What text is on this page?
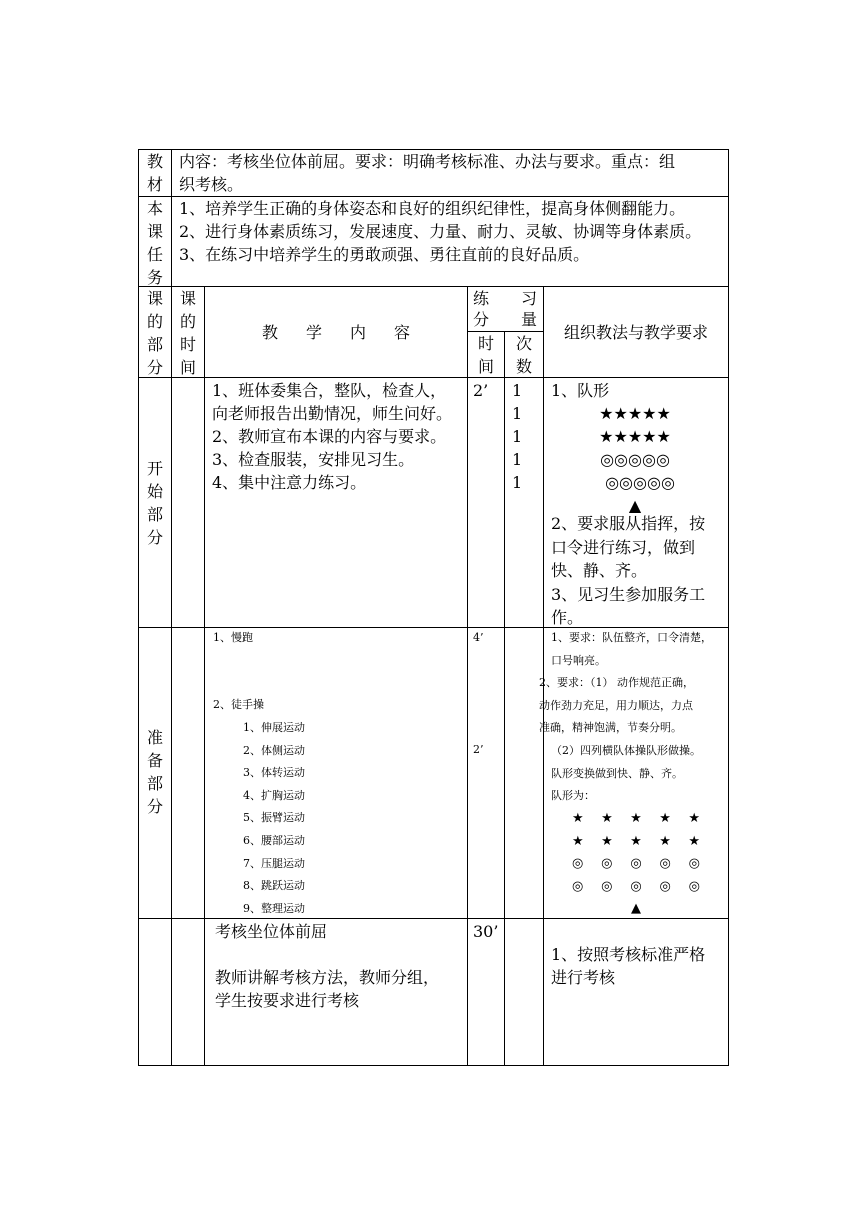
教
材
内容：考核坐位体前屈。要求：明确考核标准、办法与要求。重点：组
织考核。
本
课
任
务
1、培养学生正确的身体姿态和良好的组织纪律性，提高身体侧翻能力。
2、进行身体素质练习，发展速度、力量、耐力、灵敏、协调等身体素质。
3、在练习中培养学生的勇敢顽强、勇往直前的良好品质。
课
的
部
分
课
的
时
间
教 学 内 容
练 习
分 量
时
间
次
数
组织教法与教学要求
开
始
部
分
1、班体委集合，整队，检查人，
向老师报告出勤情况，师生问好。
2、教师宣布本课的内容与要求。
3、检查服装，安排见习生。
4、集中注意力练习。
2’ 1
1
1
1
1
1、队形
★★★★★
★★★★★
◎◎◎◎◎
◎◎◎◎◎
▲
2、要求服从指挥，按
口令进行练习，做到
快、静、齐。
3、见习生参加服务工
作。
准
备
部
分
1、慢跑
2、徒手操
1、伸展运动
2、体侧运动
3、体转运动
4、扩胸运动
5、振臂运动
6、腰部运动
7、压腿运动
8、跳跃运动
9、整理运动
4’
2’
1、要求：队伍整齐，口令清楚，
口号响亮。
2、要求：（1） 动作规范正确，
动作劲力充足，用力顺达，力点
准确，精神饱满，节奏分明。
（2）四列横队体操队形做操。
队形变换做到快、静、齐。
队形为：
★ ★ ★ ★ ★
★ ★ ★ ★ ★
◎ ◎ ◎ ◎ ◎
◎ ◎ ◎ ◎ ◎
▲
考核坐位体前屈
教师讲解考核方法，教师分组，
学生按要求进行考核
30’
1、按照考核标准严格
进行考核
